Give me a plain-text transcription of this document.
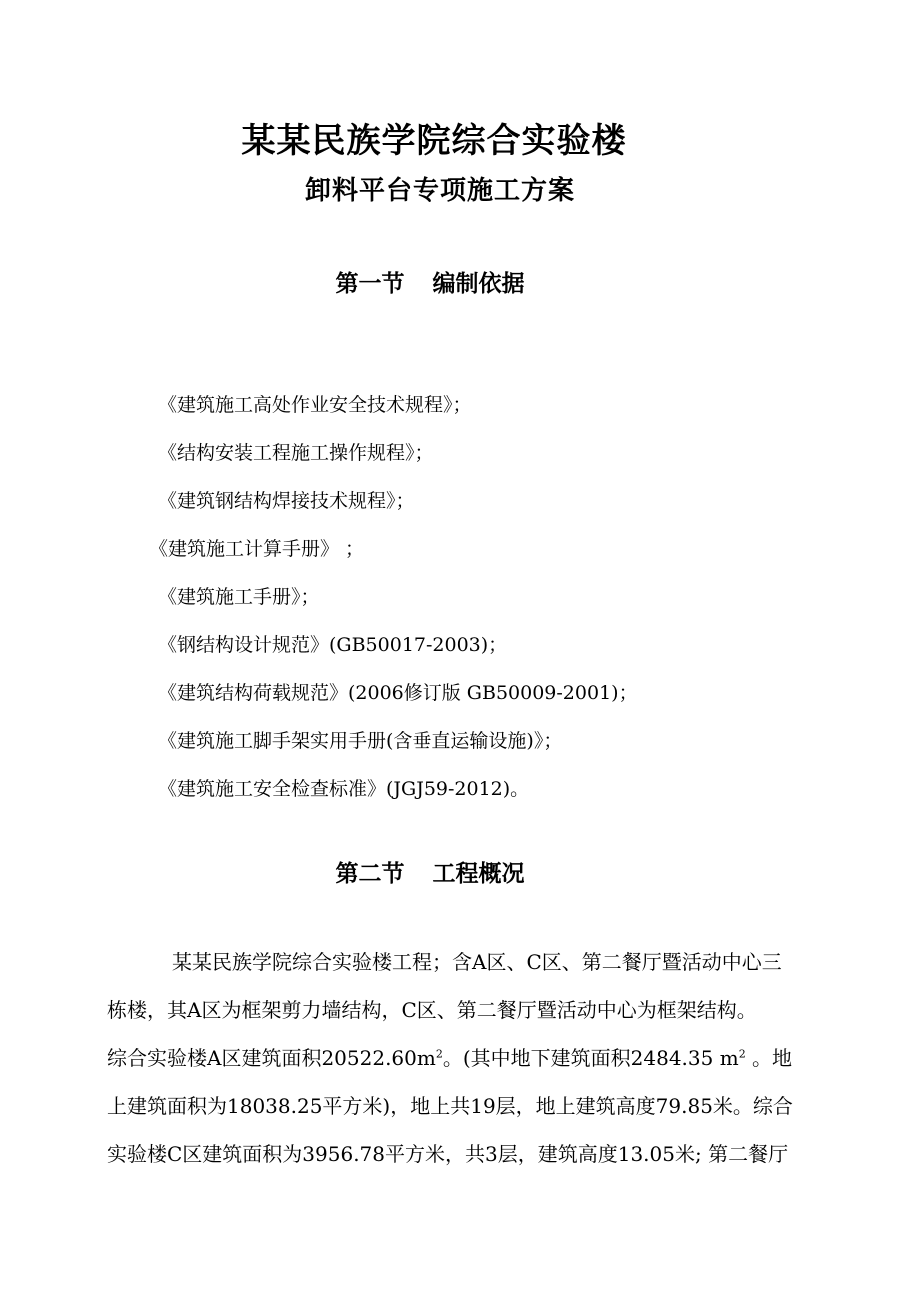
某某民族学院综合实验楼
卸料平台专项施工方案
第一节 编制依据
《建筑施工高处作业安全技术规程》；
《结构安装工程施工操作规程》；
《建筑钢结构焊接技术规程》；
《建筑施工计算手册》 ；
《建筑施工手册》；
《钢结构设计规范》(GB50017-2003)；
《建筑结构荷载规范》(2006修订版 GB50009-2001)；
《建筑施工脚手架实用手册(含垂直运输设施)》；
《建筑施工安全检查标准》(JGJ59-2012)。
第二节 工程概况
某某民族学院综合实验楼工程；含A区、C区、第二餐厅暨活动中心三
栋楼，其A区为框架剪力墙结构，C区、第二餐厅暨活动中心为框架结构。
综合实验楼A区建筑面积$20522.60m^2$。(其中地下建筑面积2484.35 $m^2$ 。地
上建筑面积为18038.25平方米)，地上共19层，地上建筑高度79.85米。综合
实验楼C区建筑面积为3956.78平方米，共3层，建筑高度13.05米; 第二餐厅
